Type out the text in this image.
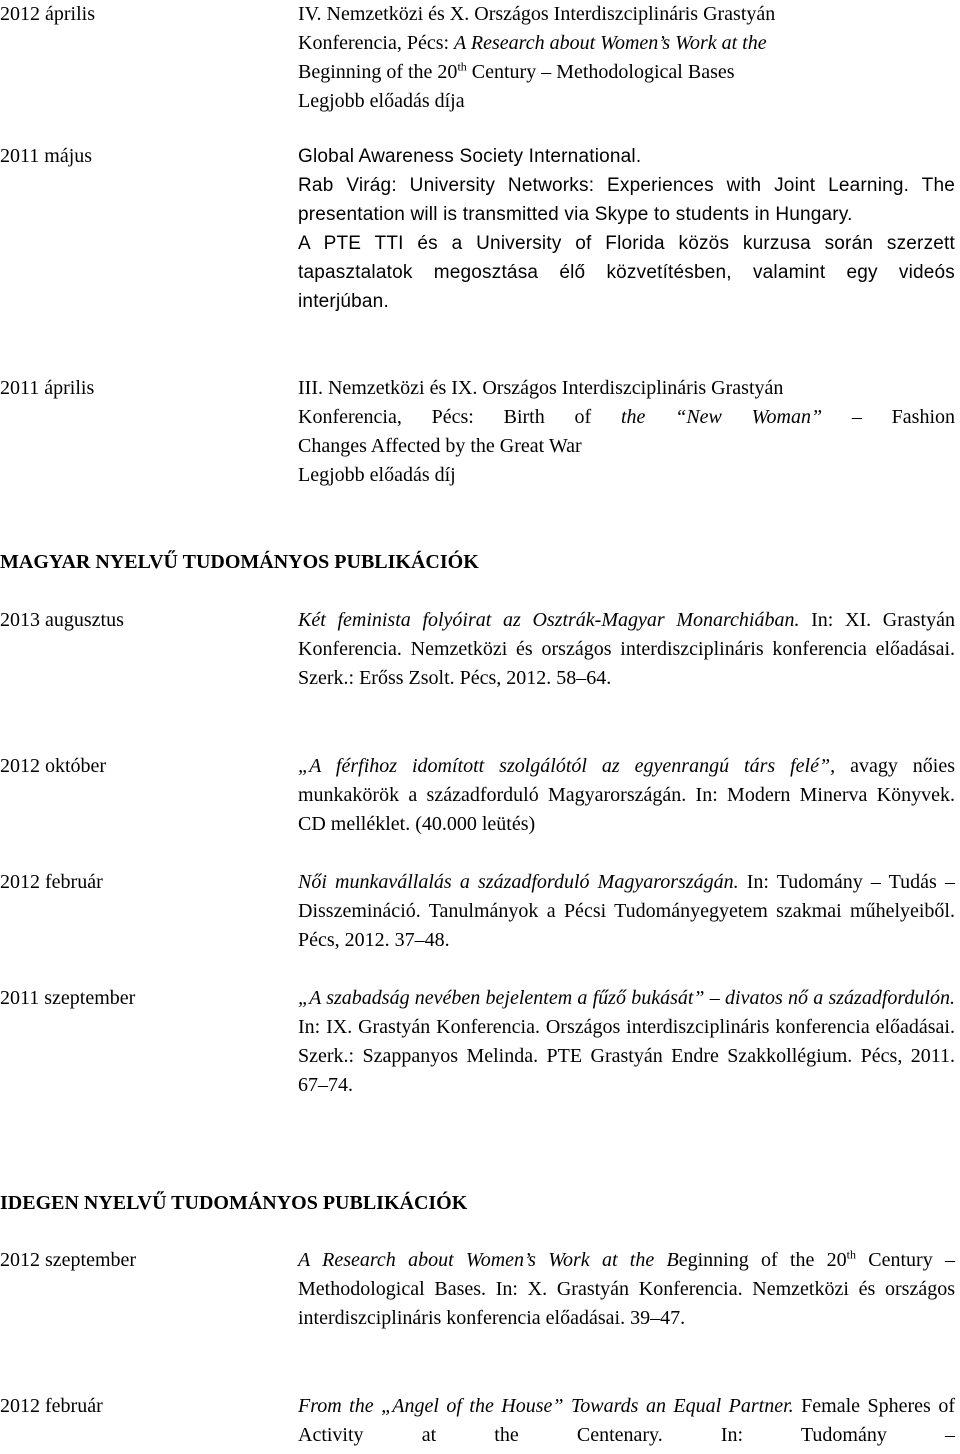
2012 április	IV. Nemzetközi és X. Országos Interdiszciplináris Grastyán

Konferencia, Pécs: A Research about Women’s Work at the

Beginning of the 20th Century – Methodological Bases

Legjobb előadás díja

2011 május	Global Awareness Society International.

Rab Virág: University Networks: Experiences with Joint Learning. The presentation will is transmitted via Skype to students in Hungary.

A PTE TTI és a University of Florida közös kurzusa során szerzett tapasztalatok megosztása élő közvetítésben, valamint egy videós interjúban.

2011 április	III. Nemzetközi és IX. Országos Interdiszciplináris Grastyán

Konferencia, Pécs: Birth of the “New Woman” – Fashion

Changes Affected by the Great War

Legjobb előadás díj

MAGYAR NYELVŰ TUDOMÁNYOS PUBLIKÁCIÓK
2013 augusztus	Két feminista folyóirat az Osztrák-Magyar Monarchiában. In: XI. Grastyán Konferencia. Nemzetközi és országos interdiszciplináris konferencia előadásai. Szerk.: Erőss Zsolt. Pécs, 2012. 58–64.

2012 október	„A férfihoz idomított szolgálótól az egyenrangú társ felé”, avagy nőies munkakörök a századforduló Magyarországán. In: Modern Minerva Könyvek. CD melléklet. (40.000 leütés)

2012 február	Női munkavállalás a századforduló Magyarországán. In: Tudomány – Tudás – Disszemináció. Tanulmányok a Pécsi Tudományegyetem szakmai műhelyeiből. Pécs, 2012. 37–48.

2011 szeptember	„A szabadság nevében bejelentem a fűző bukását” – divatos nő a századfordulón. In: IX. Grastyán Konferencia. Országos interdiszciplináris konferencia előadásai. Szerk.: Szappanyos Melinda. PTE Grastyán Endre Szakkollégium. Pécs, 2011. 67–74.

IDEGEN NYELVŰ TUDOMÁNYOS PUBLIKÁCIÓK
2012 szeptember	A Research about Women’s Work at the Beginning of the 20th Century – Methodological Bases. In: X. Grastyán Konferencia. Nemzetközi és országos interdiszciplináris konferencia előadásai. 39–47.

2012 február	From the „Angel of the House” Towards an Equal Partner. Female Spheres of Activity at the Centenary. In: Tudomány –
